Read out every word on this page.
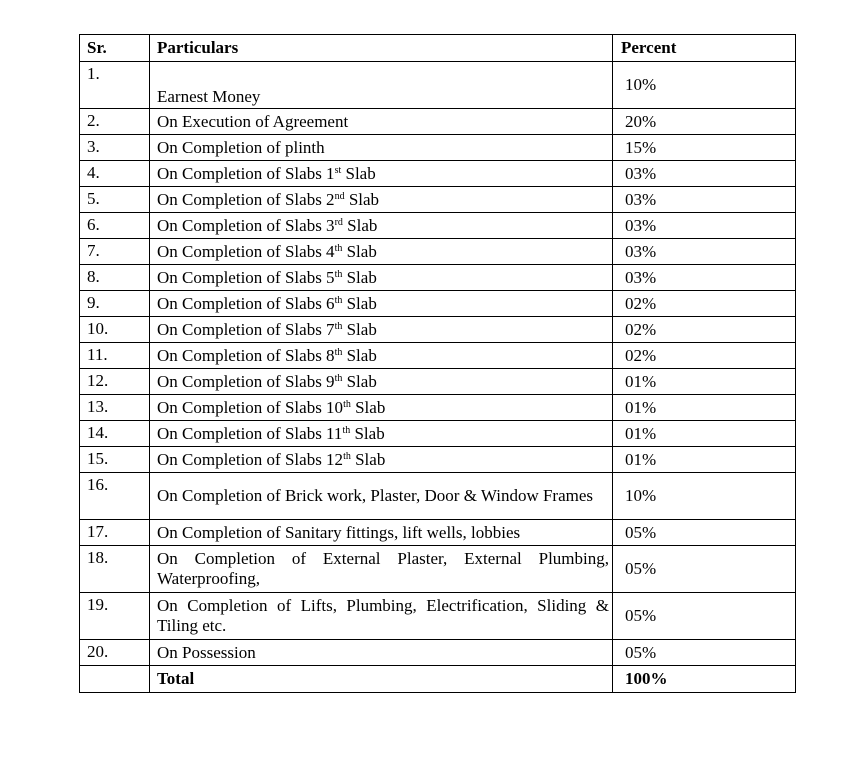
Sr.	Particulars	Percent
1.	Earnest Money	10%
2.	On Execution of Agreement	20%
3.	On Completion of plinth	15%
4.	On Completion of Slabs 1st Slab	03%
5.	On Completion of Slabs 2nd Slab	03%
6.	On Completion of Slabs 3rd Slab	03%
7.	On Completion of Slabs 4th Slab	03%
8.	On Completion of Slabs 5th Slab	03%
9.	On Completion of Slabs 6th Slab	02%
10.	On Completion of Slabs 7th Slab	02%
11.	On Completion of Slabs 8th Slab	02%
12.	On Completion of Slabs 9th Slab	01%
13.	On Completion of Slabs 10th Slab	01%
14.	On Completion of Slabs 11th Slab	01%
15.	On Completion of Slabs 12th Slab	01%
16.	On Completion of Brick work, Plaster, Door & Window Frames	10%
17.	On Completion of Sanitary fittings, lift wells, lobbies	05%
18.	On Completion of External Plaster, External Plumbing, Waterproofing,	05%
19.	On Completion of Lifts, Plumbing, Electrification, Sliding & Tiling etc.	05%
20.	On Possession	05%
	Total	100%
